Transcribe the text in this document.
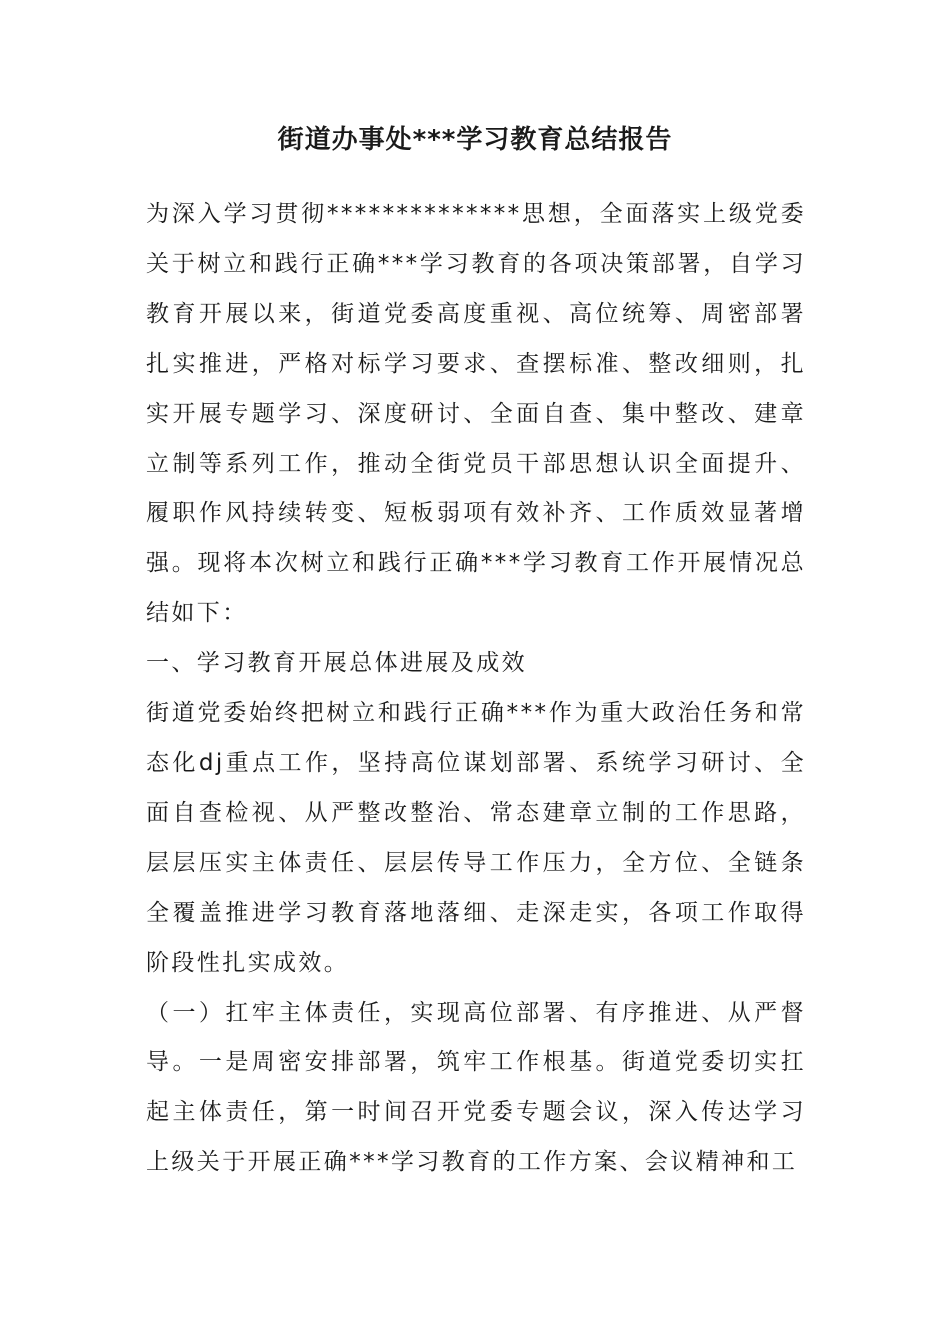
街道办事处***学习教育总结报告

为深入学习贯彻**************思想，全面落实上级党委关于树立和践行正确***学习教育的各项决策部署，自学习教育开展以来，街道党委高度重视、高位统筹、周密部署扎实推进，严格对标学习要求、查摆标准、整改细则，扎实开展专题学习、深度研讨、全面自查、集中整改、建章立制等系列工作，推动全街党员干部思想认识全面提升、履职作风持续转变、短板弱项有效补齐、工作质效显著增强。现将本次树立和践行正确***学习教育工作开展情况总结如下：

一、学习教育开展总体进展及成效

街道党委始终把树立和践行正确***作为重大政治任务和常态化dj重点工作，坚持高位谋划部署、系统学习研讨、全面自查检视、从严整改整治、常态建章立制的工作思路，层层压实主体责任、层层传导工作压力，全方位、全链条全覆盖推进学习教育落地落细、走深走实，各项工作取得阶段性扎实成效。

（一）扛牢主体责任，实现高位部署、有序推进、从严督导。一是周密安排部署，筑牢工作根基。街道党委切实扛起主体责任，第一时间召开党委专题会议，深入传达学习上级关于开展正确***学习教育的工作方案、会议精神和工
